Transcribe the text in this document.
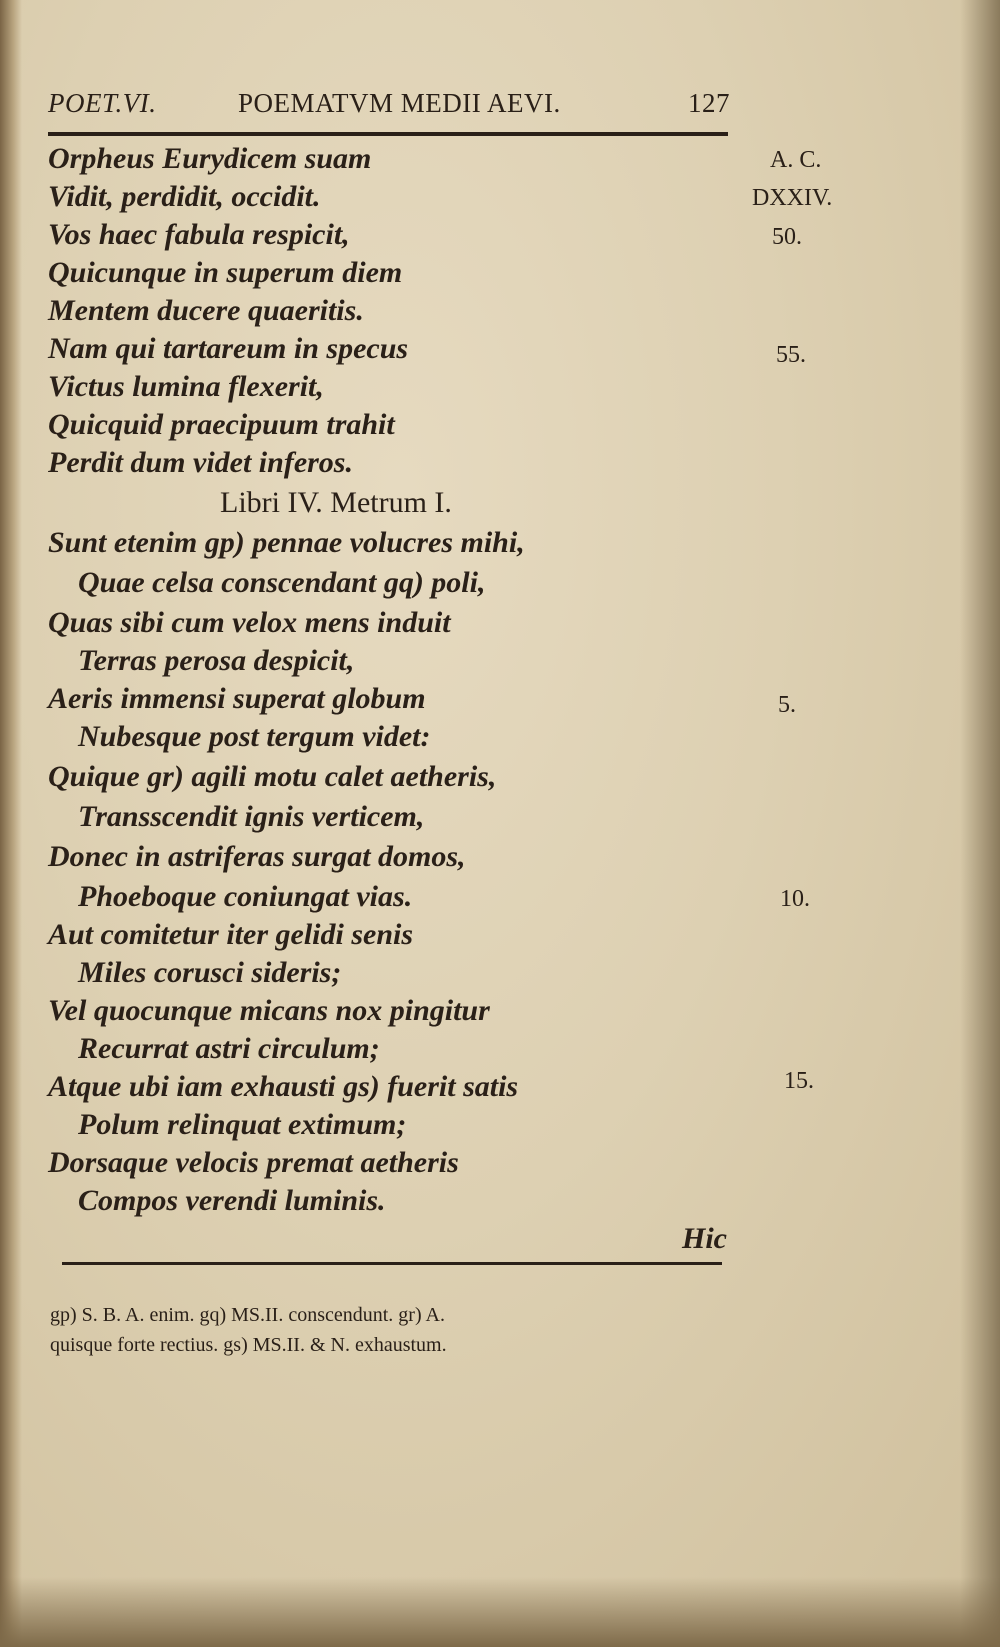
POET.VI.	POEMATVM MEDII AEVI.	127
Orpheus Eurydicem suam
Vidit, perdidit, occidit.
Vos haec fabula respicit,
Quicunque in superum diem
Mentem ducere quaeritis.
Nam qui tartareum in specus
Victus lumina flexerit,
Quicquid praecipuum trahit
Perdit dum videt inferos.
Libri IV. Metrum I.
Sunt etenim gp) pennae volucres mihi,
Quae celsa conscendant gq) poli,
Quas sibi cum velox mens induit
Terras perosa despicit,
Aeris immensi superat globum
Nubesque post tergum videt:
Quique gr) agili motu calet aetheris,
Transscendit ignis verticem,
Donec in astriferas surgat domos,
Phoeboque coniungat vias.
Aut comitetur iter gelidi senis
Miles corusci sideris;
Vel quocunque micans nox pingitur
Recurrat astri circulum;
Atque ubi iam exhausti gs) fuerit satis
Polum relinquat extimum;
Dorsaque velocis premat aetheris
Compos verendi luminis.
A. C.
DXXIV.
50.
55.
5.
10.
15.
Hic
gp) S. B. A. enim. gq) MS.II. conscendunt. gr) A.
quisque forte rectius. gs) MS.II. & N. exhaustum.
